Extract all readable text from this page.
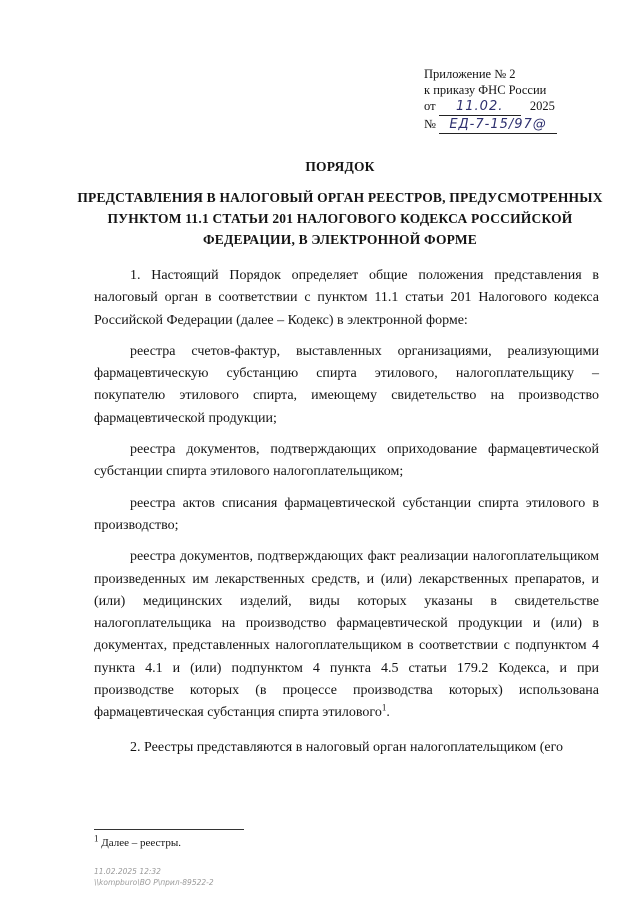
Приложение № 2
к приказу ФНС России
от 11.02. 2025
№ ЕД-7-15/97@
ПОРЯДОК
ПРЕДСТАВЛЕНИЯ В НАЛОГОВЫЙ ОРГАН РЕЕСТРОВ, ПРЕДУСМОТРЕННЫХ
ПУНКТОМ 11.1 СТАТЬИ 201 НАЛОГОВОГО КОДЕКСА РОССИЙСКОЙ
ФЕДЕРАЦИИ, В ЭЛЕКТРОННОЙ ФОРМЕ

1. Настоящий Порядок определяет общие положения представления в налоговый орган в соответствии с пунктом 11.1 статьи 201 Налогового кодекса Российской Федерации (далее – Кодекс) в электронной форме:

реестра счетов-фактур, выставленных организациями, реализующими фармацевтическую субстанцию спирта этилового, налогоплательщику – покупателю этилового спирта, имеющему свидетельство на производство фармацевтической продукции;

реестра документов, подтверждающих оприходование фармацевтической субстанции спирта этилового налогоплательщиком;

реестра актов списания фармацевтической субстанции спирта этилового в производство;

реестра документов, подтверждающих факт реализации налогоплательщиком произведенных им лекарственных средств, и (или) лекарственных препаратов, и (или) медицинских изделий, виды которых указаны в свидетельстве налогоплательщика на производство фармацевтической продукции и (или) в документах, представленных налогоплательщиком в соответствии с подпунктом 4 пункта 4.1 и (или) подпунктом 4 пункта 4.5 статьи 179.2 Кодекса, и при производстве которых (в процессе производства которых) использована фармацевтическая субстанция спирта этилового$^1$.

2. Реестры представляются в налоговый орган налогоплательщиком (его

$^1$ Далее – реестры.
11.02.2025 12:32
\\kompburo\ВО Р\прил-89522-2
